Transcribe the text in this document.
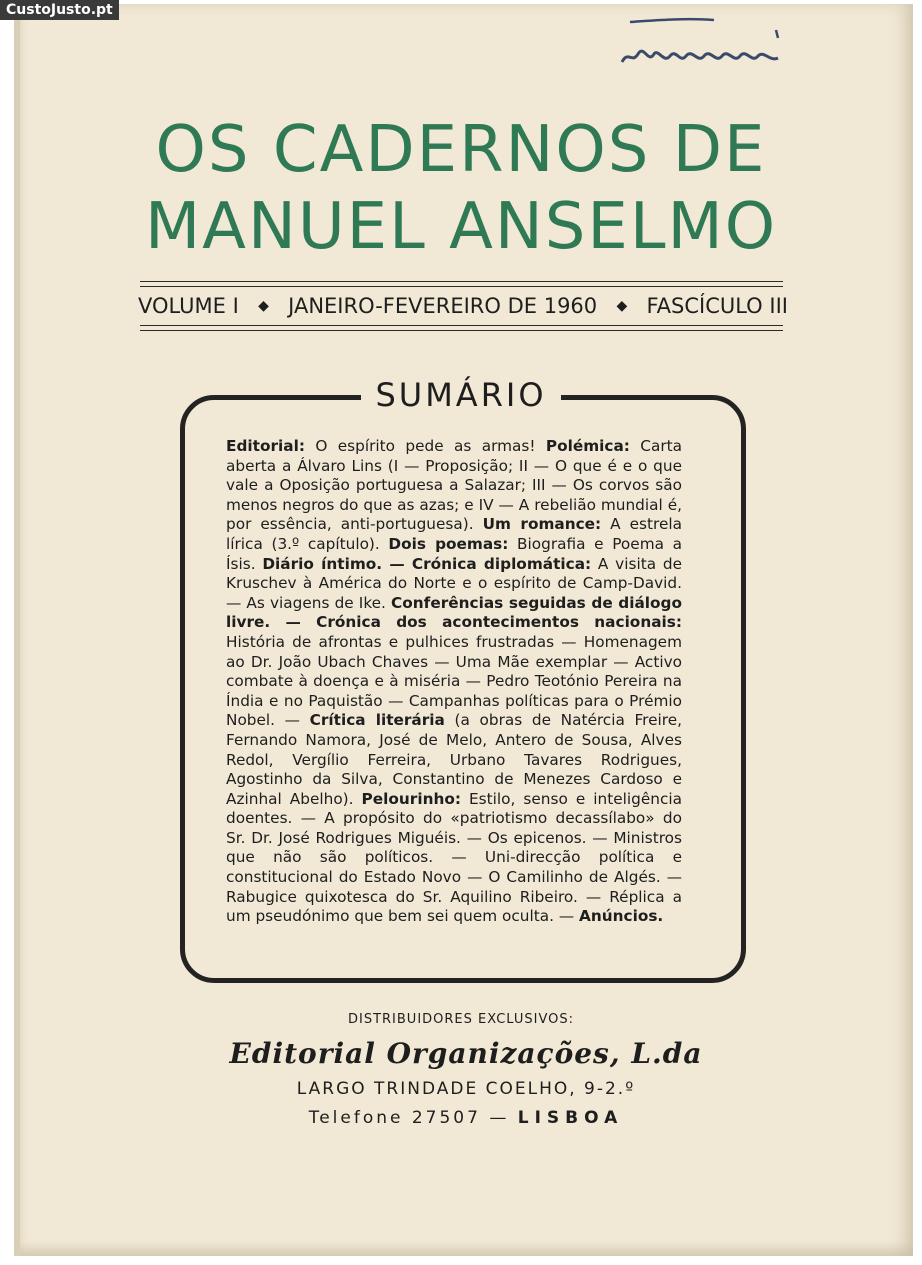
CustoJusto.pt
OS CADERNOS DE
MANUEL ANSELMO
VOLUME I ◆ JANEIRO-FEVEREIRO DE 1960 ◆ FASCÍCULO III
SUMÁRIO
Editorial: O espírito pede as armas! Polémica: Carta aberta a Álvaro Lins (I — Proposição; II — O que é e o que vale a Oposição portuguesa a Salazar; III — Os corvos são menos negros do que as azas; e IV — A rebelião mundial é, por essência, anti-portuguesa). Um romance: A estrela lírica (3.º capítulo). Dois poemas: Biografia e Poema a Ísis. Diário íntimo. — Crónica diplomática: A visita de Kruschev à América do Norte e o espírito de Camp-David. — As viagens de Ike. Conferências seguidas de diálogo livre. — Crónica dos acontecimentos nacionais: História de afrontas e pulhices frustradas — Homenagem ao Dr. João Ubach Chaves — Uma Mãe exemplar — Activo combate à doença e à miséria — Pedro Teotónio Pereira na Índia e no Paquistão — Campanhas políticas para o Prémio Nobel. — Crítica literária (a obras de Natércia Freire, Fernando Namora, José de Melo, Antero de Sousa, Alves Redol, Vergílio Ferreira, Urbano Tavares Rodrigues, Agostinho da Silva, Constantino de Menezes Cardoso e Azinhal Abelho). Pelourinho: Estilo, senso e inteligência doentes. — A propósito do «patriotismo decassílabo» do Sr. Dr. José Rodrigues Miguéis. — Os epicenos. — Ministros que não são políticos. — Uni-direcção política e constitucional do Estado Novo — O Camilinho de Algés. — Rabugice quixotesca do Sr. Aquilino Ribeiro. — Réplica a um pseudónimo que bem sei quem oculta. — Anúncios.
DISTRIBUIDORES EXCLUSIVOS:
Editorial Organizações, L.da
LARGO TRINDADE COELHO, 9-2.º
Telefone 27507 — LISBOA
